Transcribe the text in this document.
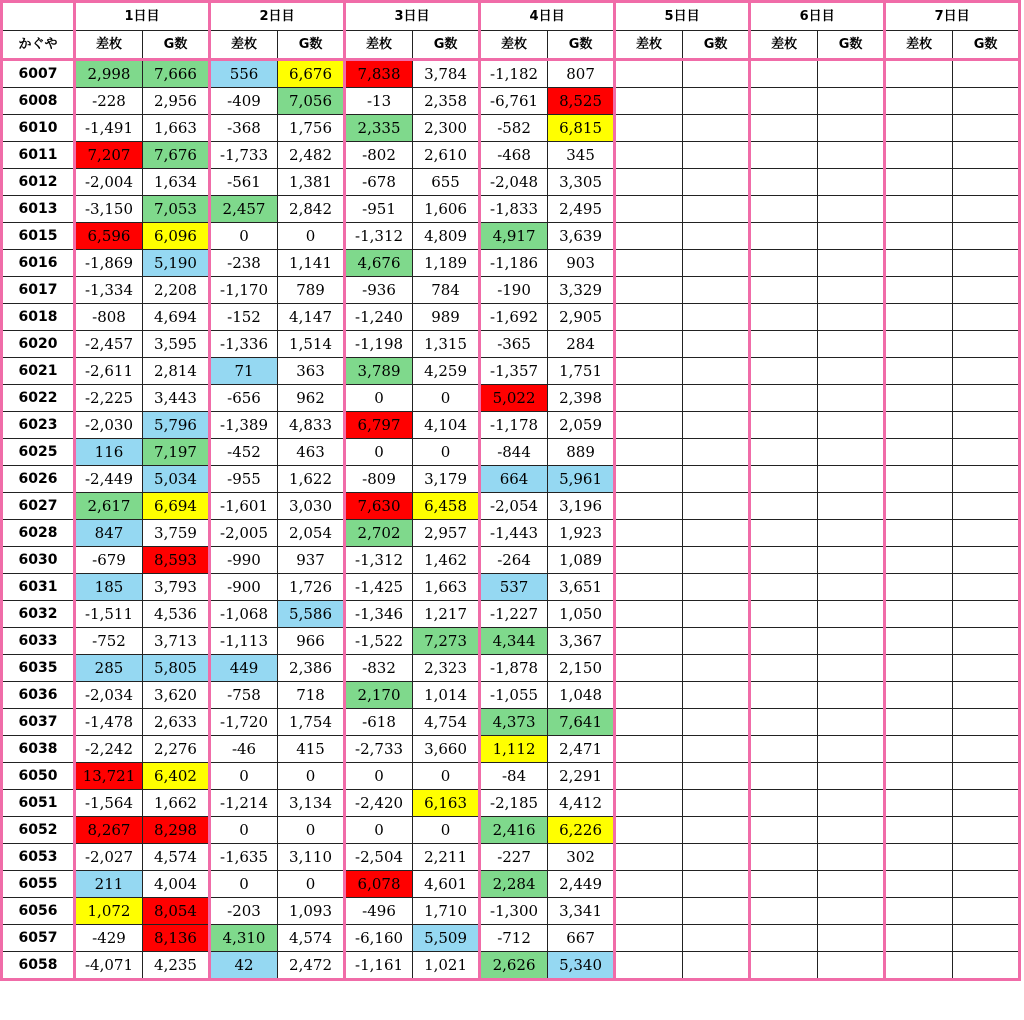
	1日目		2日目		3日目		4日目		5日目		6日目		7日目	
かぐや	差枚	G数	差枚	G数	差枚	G数	差枚	G数	差枚	G数	差枚	G数	差枚	G数
6007	2,998	7,666	556	6,676	7,838	3,784	-1,182	807						
6008	-228	2,956	-409	7,056	-13	2,358	-6,761	8,525						
6010	-1,491	1,663	-368	1,756	2,335	2,300	-582	6,815						
6011	7,207	7,676	-1,733	2,482	-802	2,610	-468	345						
6012	-2,004	1,634	-561	1,381	-678	655	-2,048	3,305						
6013	-3,150	7,053	2,457	2,842	-951	1,606	-1,833	2,495						
6015	6,596	6,096	0	0	-1,312	4,809	4,917	3,639						
6016	-1,869	5,190	-238	1,141	4,676	1,189	-1,186	903						
6017	-1,334	2,208	-1,170	789	-936	784	-190	3,329						
6018	-808	4,694	-152	4,147	-1,240	989	-1,692	2,905						
6020	-2,457	3,595	-1,336	1,514	-1,198	1,315	-365	284						
6021	-2,611	2,814	71	363	3,789	4,259	-1,357	1,751						
6022	-2,225	3,443	-656	962	0	0	5,022	2,398						
6023	-2,030	5,796	-1,389	4,833	6,797	4,104	-1,178	2,059						
6025	116	7,197	-452	463	0	0	-844	889						
6026	-2,449	5,034	-955	1,622	-809	3,179	664	5,961						
6027	2,617	6,694	-1,601	3,030	7,630	6,458	-2,054	3,196						
6028	847	3,759	-2,005	2,054	2,702	2,957	-1,443	1,923						
6030	-679	8,593	-990	937	-1,312	1,462	-264	1,089						
6031	185	3,793	-900	1,726	-1,425	1,663	537	3,651						
6032	-1,511	4,536	-1,068	5,586	-1,346	1,217	-1,227	1,050						
6033	-752	3,713	-1,113	966	-1,522	7,273	4,344	3,367						
6035	285	5,805	449	2,386	-832	2,323	-1,878	2,150						
6036	-2,034	3,620	-758	718	2,170	1,014	-1,055	1,048						
6037	-1,478	2,633	-1,720	1,754	-618	4,754	4,373	7,641						
6038	-2,242	2,276	-46	415	-2,733	3,660	1,112	2,471						
6050	13,721	6,402	0	0	0	0	-84	2,291						
6051	-1,564	1,662	-1,214	3,134	-2,420	6,163	-2,185	4,412						
6052	8,267	8,298	0	0	0	0	2,416	6,226						
6053	-2,027	4,574	-1,635	3,110	-2,504	2,211	-227	302						
6055	211	4,004	0	0	6,078	4,601	2,284	2,449						
6056	1,072	8,054	-203	1,093	-496	1,710	-1,300	3,341						
6057	-429	8,136	4,310	4,574	-6,160	5,509	-712	667						
6058	-4,071	4,235	42	2,472	-1,161	1,021	2,626	5,340						
